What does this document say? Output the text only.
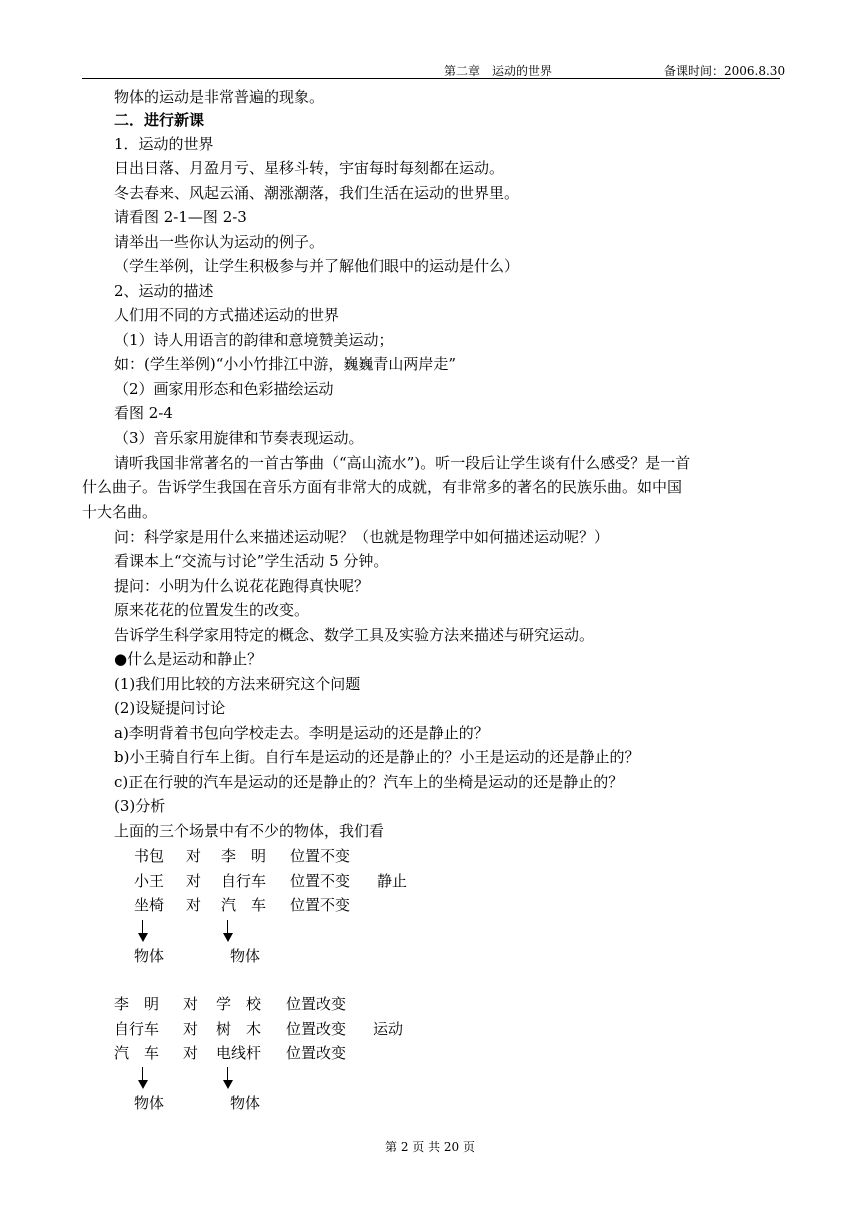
第二章　运动的世界	备课时间：2006.8.30
物体的运动是非常普遍的现象。
二．进行新课
1．运动的世界
日出日落、月盈月亏、星移斗转，宇宙每时每刻都在运动。
冬去春来、风起云涌、潮涨潮落，我们生活在运动的世界里。
请看图 2-1—图 2-3
请举出一些你认为运动的例子。
（学生举例，让学生积极参与并了解他们眼中的运动是什么）
2、运动的描述
人们用不同的方式描述运动的世界
（1）诗人用语言的韵律和意境赞美运动；
如：(学生举例)“小小竹排江中游，巍巍青山两岸走”
（2）画家用形态和色彩描绘运动
看图 2-4
（3）音乐家用旋律和节奏表现运动。
请听我国非常著名的一首古筝曲（“高山流水”)。听一段后让学生谈有什么感受？是一首
什么曲子。告诉学生我国在音乐方面有非常大的成就，有非常多的著名的民族乐曲。如中国
十大名曲。
问：科学家是用什么来描述运动呢？（也就是物理学中如何描述运动呢？）
看课本上“交流与讨论”学生活动 5 分钟。
提问：小明为什么说花花跑得真快呢？
原来花花的位置发生的改变。
告诉学生科学家用特定的概念、数学工具及实验方法来描述与研究运动。
●什么是运动和静止？
(1)我们用比较的方法来研究这个问题
(2)设疑提问讨论
a)李明背着书包向学校走去。李明是运动的还是静止的？
b)小王骑自行车上街。自行车是运动的还是静止的？小王是运动的还是静止的？
c)正在行驶的汽车是运动的还是静止的？汽车上的坐椅是运动的还是静止的？
(3)分析
上面的三个场景中有不少的物体，我们看
书包 对 李　明 位置不变
小王 对 自行车 位置不变 静止
坐椅 对 汽　车 位置不变
物体	物体
李　明 对 学　校 位置改变
自行车 对 树　木 位置改变 运动
汽　车 对 电线杆 位置改变
物体	物体
第 2 页 共 20 页
